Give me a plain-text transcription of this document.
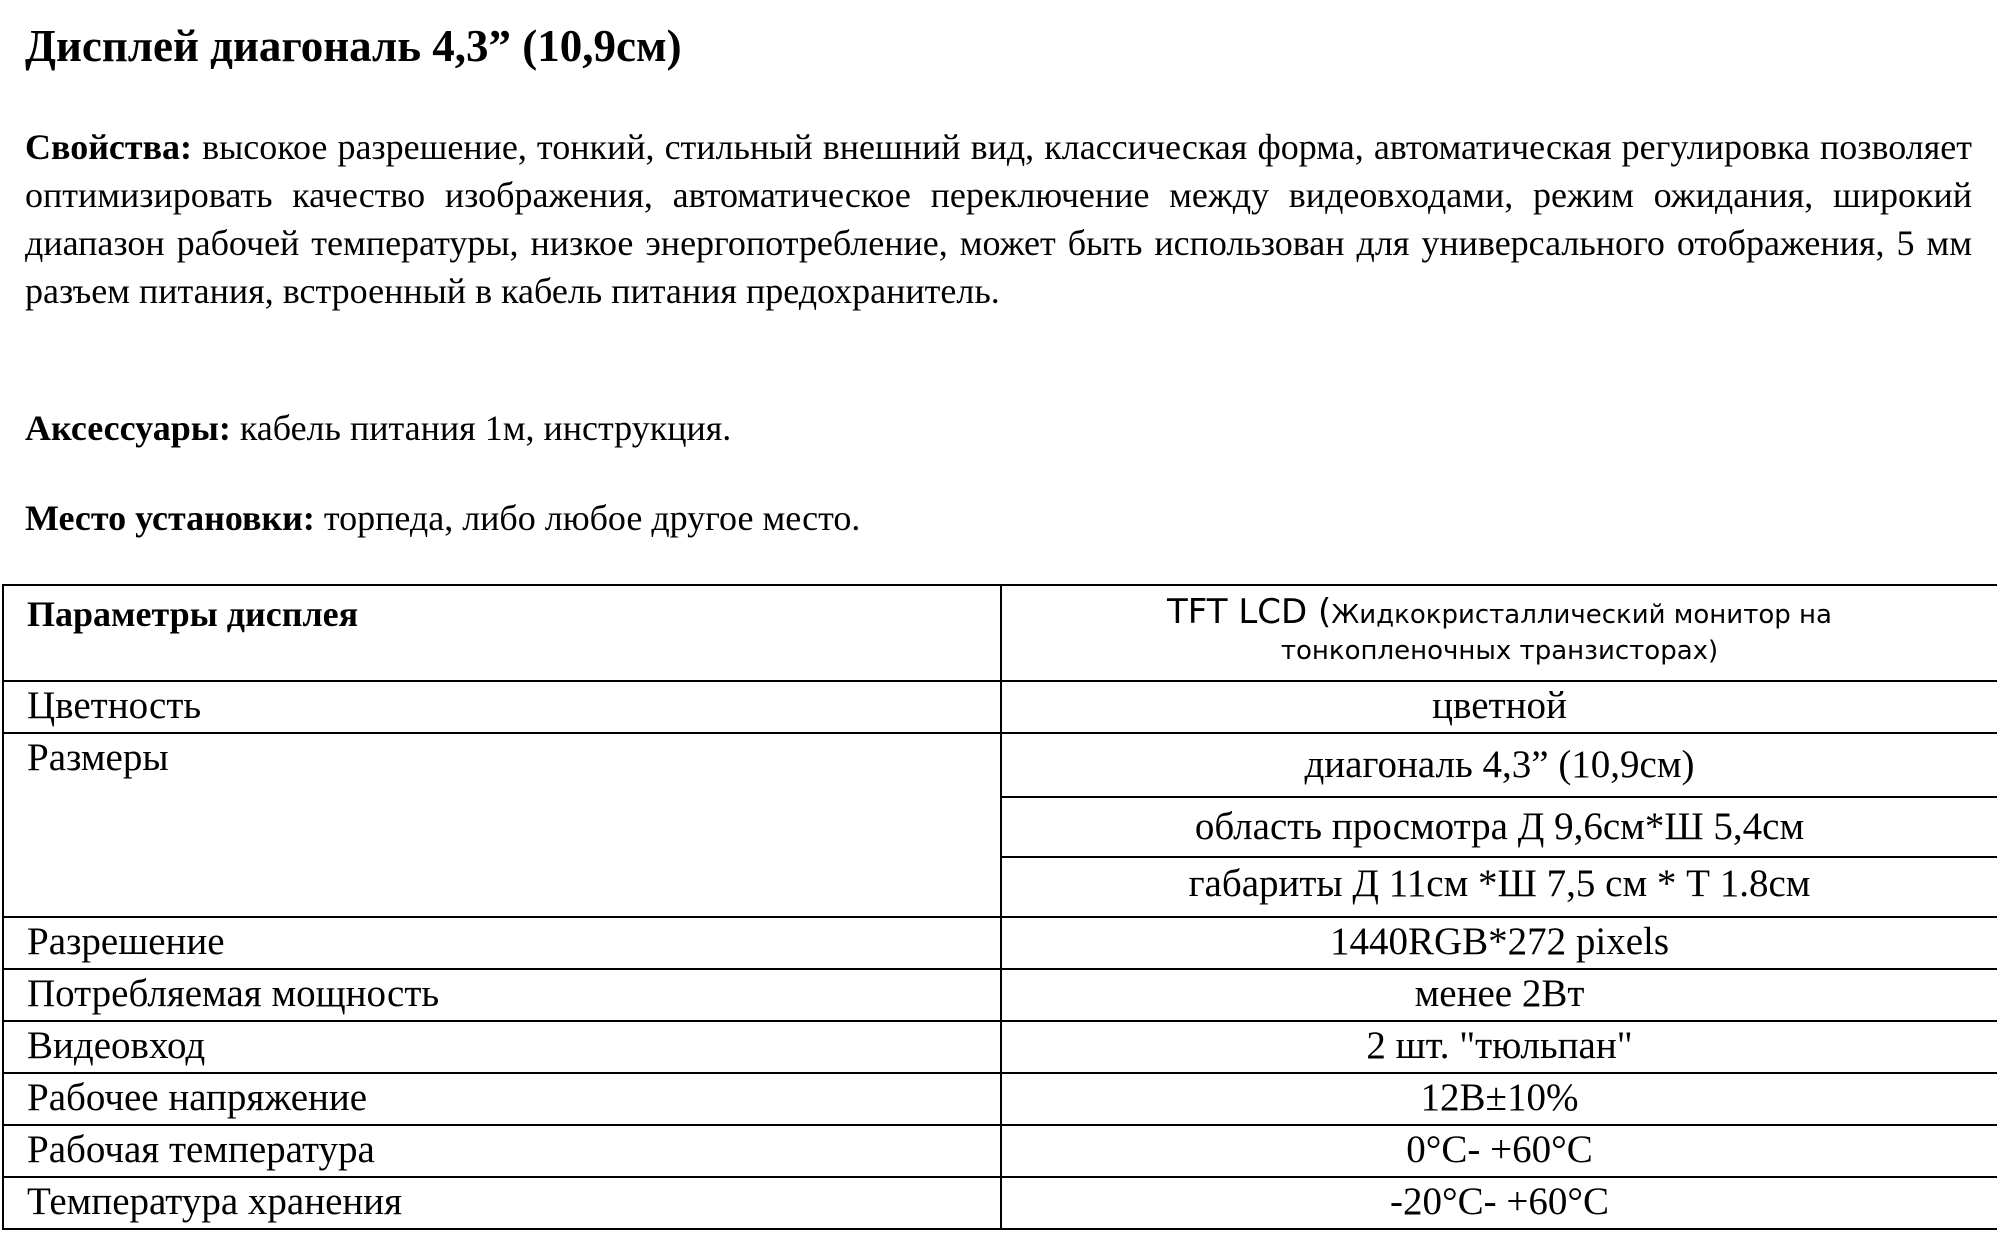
Дисплей диагональ 4,3” (10,9см)

Свойства: высокое разрешение, тонкий, стильный внешний вид, классическая форма, автоматическая регулировка позволяет оптимизировать качество изображения, автоматическое переключение между видеовходами, режим ожидания, широкий диапазон рабочей температуры, низкое энергопотребление, может быть использован для универсального отображения, 5 мм разъем питания, встроенный в кабель питания предохранитель.

Аксессуары: кабель питания 1м, инструкция.

Место установки: торпеда, либо любое другое место.

Параметры дисплея	TFT LCD (Жидкокристаллический монитор на тонкопленочных транзисторах)
Цветность	цветной
Размеры	диагональ 4,3” (10,9см)
	область просмотра Д 9,6см*Ш 5,4см
	габариты Д 11см *Ш 7,5 см * Т 1.8см
Разрешение	1440RGB*272 pixels
Потребляемая мощность	менее 2Вт
Видеовход	2 шт. "тюльпан"
Рабочее напряжение	12В±10%
Рабочая температура	0°С- +60°С
Температура хранения	-20°С- +60°С
